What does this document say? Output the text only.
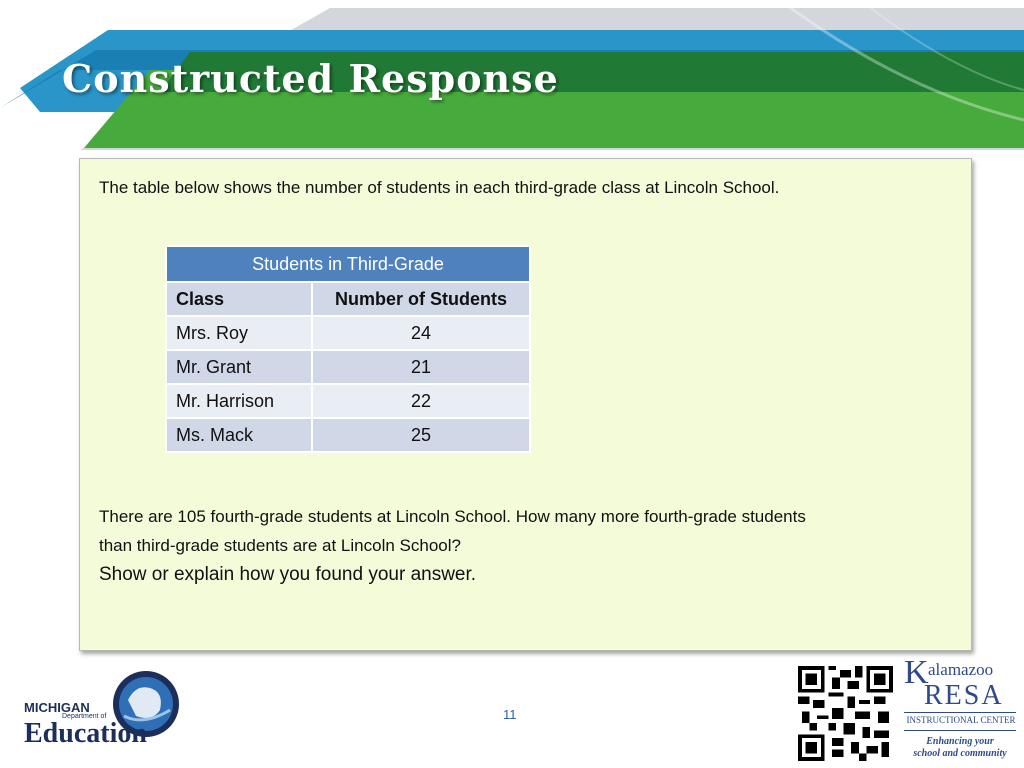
Constructed Response

The table below shows the number of students in each third-grade class at Lincoln School.

Students in Third-Grade	
Class	Number of Students
Mrs. Roy	24
Mr. Grant	21
Mr. Harrison	22
Ms. Mack	25
There are 105 fourth-grade students at Lincoln School. How many more fourth-grade students than third-grade students are at Lincoln School?
Show or explain how you found your answer.
MICHIGAN
Department of
Education
11
K alamazoo
RESA
INSTRUCTIONAL CENTER
Enhancing your
school and community
